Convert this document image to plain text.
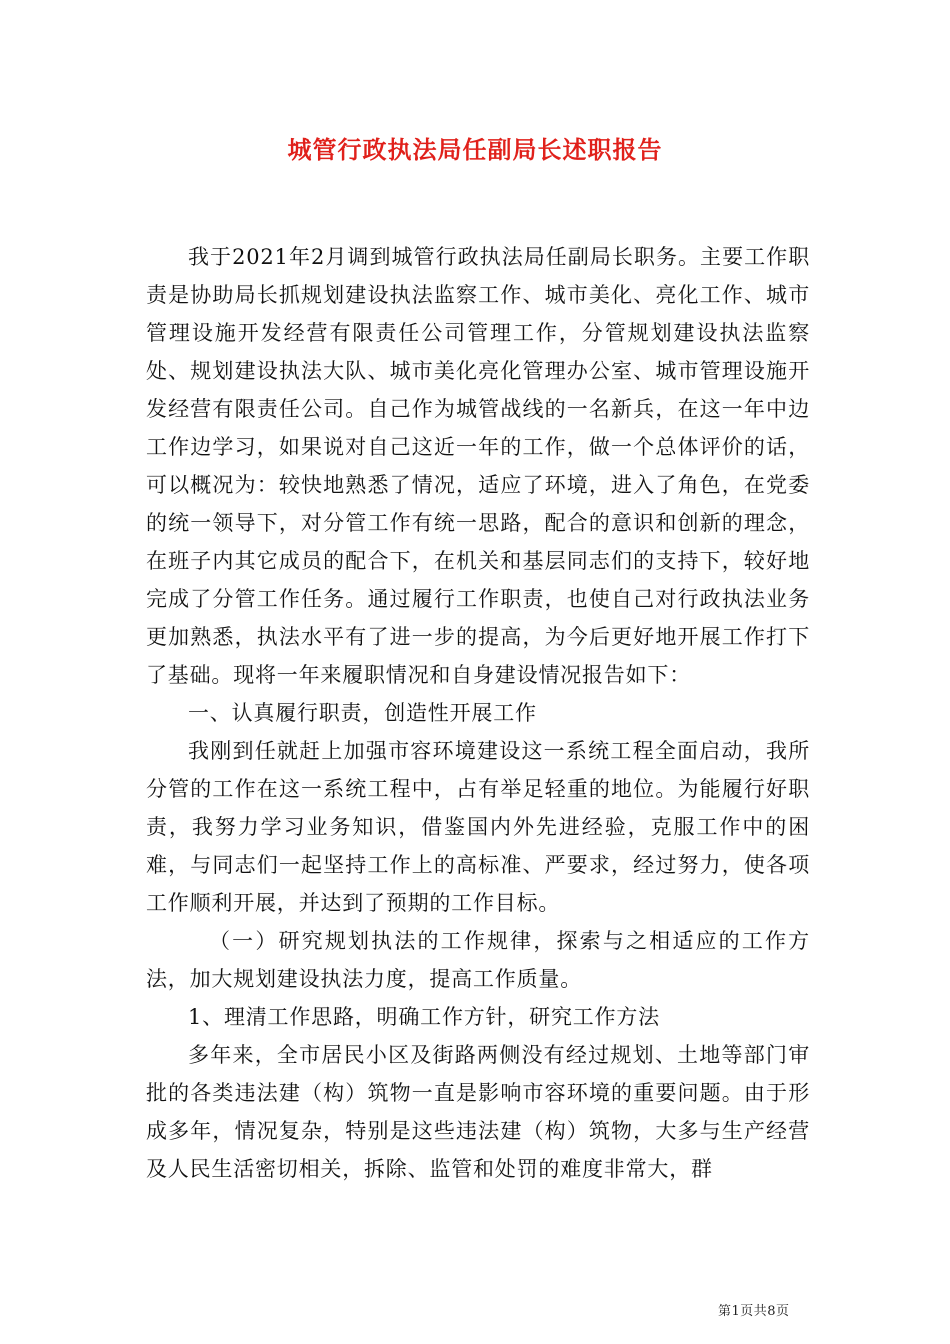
城管行政执法局任副局长述职报告

我于2021年2月调到城管行政执法局任副局长职务。主要工作职责是协助局长抓规划建设执法监察工作、城市美化、亮化工作、城市管理设施开发经营有限责任公司管理工作，分管规划建设执法监察处、规划建设执法大队、城市美化亮化管理办公室、城市管理设施开发经营有限责任公司。自己作为城管战线的一名新兵，在这一年中边工作边学习，如果说对自己这近一年的工作，做一个总体评价的话，可以概况为：较快地熟悉了情况，适应了环境，进入了角色，在党委的统一领导下，对分管工作有统一思路，配合的意识和创新的理念，在班子内其它成员的配合下，在机关和基层同志们的支持下，较好地完成了分管工作任务。通过履行工作职责，也使自己对行政执法业务更加熟悉，执法水平有了进一步的提高，为今后更好地开展工作打下了基础。现将一年来履职情况和自身建设情况报告如下：

一、认真履行职责，创造性开展工作

我刚到任就赶上加强市容环境建设这一系统工程全面启动，我所分管的工作在这一系统工程中，占有举足轻重的地位。为能履行好职责，我努力学习业务知识，借鉴国内外先进经验，克服工作中的困难，与同志们一起坚持工作上的高标准、严要求，经过努力，使各项工作顺利开展，并达到了预期的工作目标。

（一）研究规划执法的工作规律，探索与之相适应的工作方法，加大规划建设执法力度，提高工作质量。

1、理清工作思路，明确工作方针，研究工作方法

多年来，全市居民小区及街路两侧没有经过规划、土地等部门审批的各类违法建（构）筑物一直是影响市容环境的重要问题。由于形成多年，情况复杂，特别是这些违法建（构）筑物，大多与生产经营及人民生活密切相关，拆除、监管和处罚的难度非常大，群

第1页共8页
